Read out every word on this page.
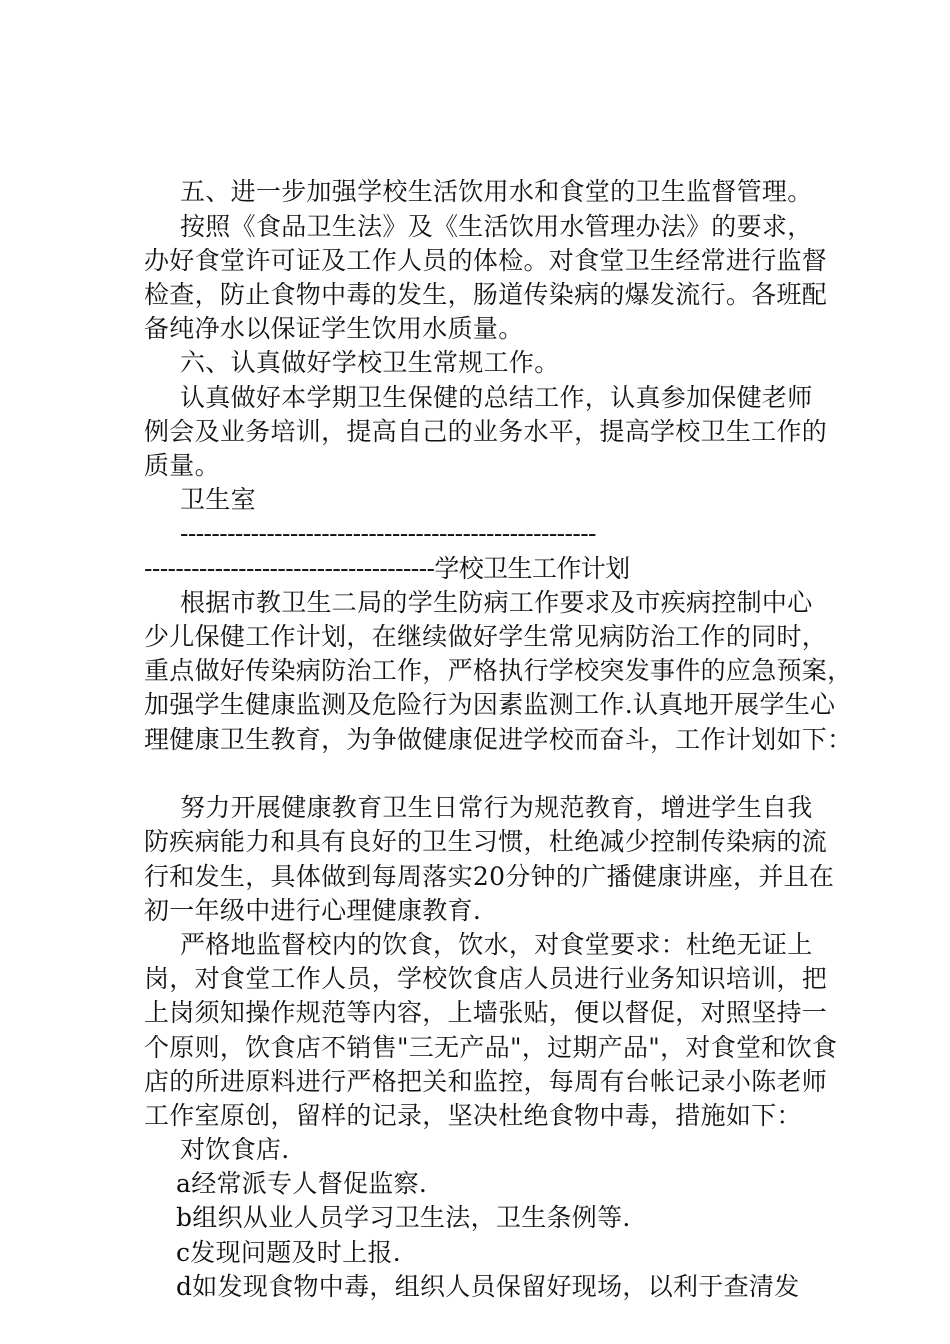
五、进一步加强学校生活饮用水和食堂的卫生监督管理。
按照《食品卫生法》及《生活饮用水管理办法》的要求，
办好食堂许可证及工作人员的体检。对食堂卫生经常进行监督
检查，防止食物中毒的发生，肠道传染病的爆发流行。各班配
备纯净水以保证学生饮用水质量。
六、认真做好学校卫生常规工作。
认真做好本学期卫生保健的总结工作，认真参加保健老师
例会及业务培训，提高自己的业务水平，提高学校卫生工作的
质量。
卫生室
-----------------------------------------------------
-------------------------------------学校卫生工作计划
根据市教卫生二局的学生防病工作要求及市疾病控制中心
少儿保健工作计划，在继续做好学生常见病防治工作的同时，
重点做好传染病防治工作，严格执行学校突发事件的应急预案，
加强学生健康监测及危险行为因素监测工作.认真地开展学生心
理健康卫生教育，为争做健康促进学校而奋斗，工作计划如下：
努力开展健康教育卫生日常行为规范教育，增进学生自我
防疾病能力和具有良好的卫生习惯，杜绝减少控制传染病的流
行和发生，具体做到每周落实20分钟的广播健康讲座，并且在
初一年级中进行心理健康教育.
严格地监督校内的饮食，饮水，对食堂要求：杜绝无证上
岗，对食堂工作人员，学校饮食店人员进行业务知识培训，把
上岗须知操作规范等内容，上墙张贴，便以督促，对照坚持一
个原则，饮食店不销售"三无产品"，过期产品"，对食堂和饮食
店的所进原料进行严格把关和监控，每周有台帐记录小陈老师
工作室原创，留样的记录，坚决杜绝食物中毒，措施如下：
对饮食店.
a经常派专人督促监察.
b组织从业人员学习卫生法，卫生条例等.
c发现问题及时上报.
d如发现食物中毒，组织人员保留好现场，以利于查清发
